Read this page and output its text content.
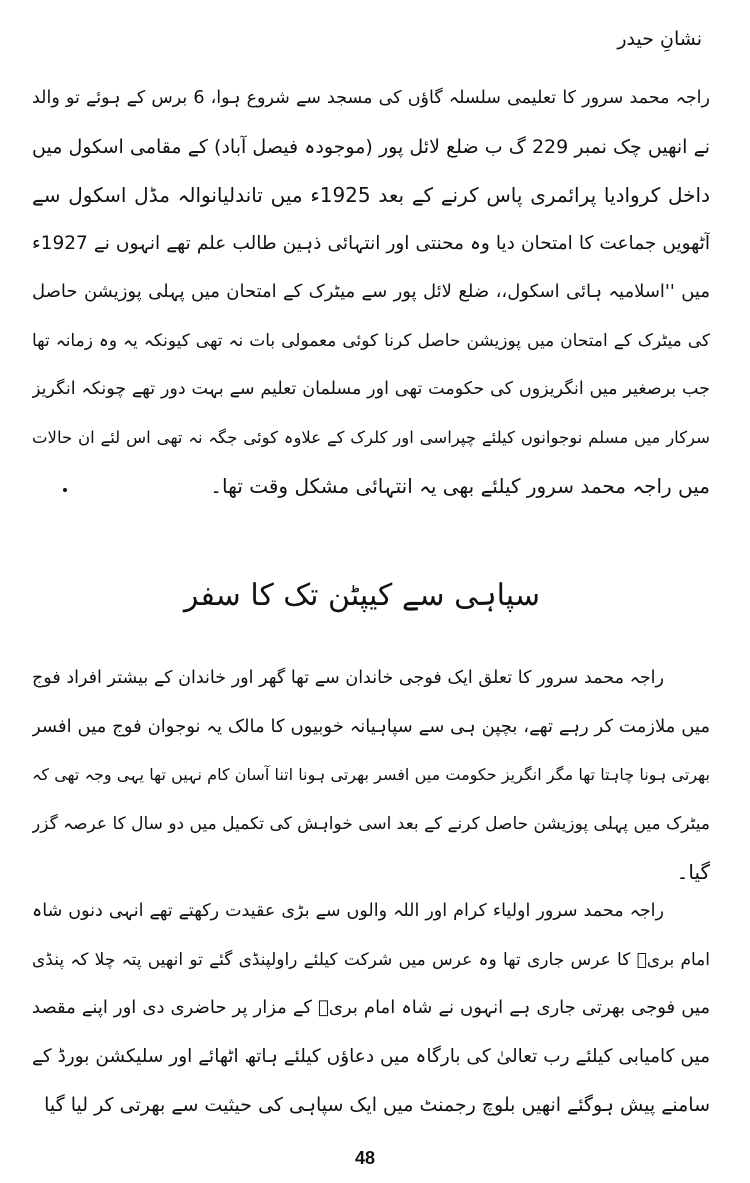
نشانِ حیدر
راجہ محمد سرور کا تعلیمی سلسلہ گاؤں کی مسجد سے شروع ہوا، 6 برس کے ہوئے تو والد
نے انھیں چک نمبر 229 گ ب ضلع لائل پور (موجودہ فیصل آباد) کے مقامی اسکول میں
داخل کروادیا پرائمری پاس کرنے کے بعد 1925ء میں تاندلیانوالہ مڈل اسکول سے
آٹھویں جماعت کا امتحان دیا وہ محنتی اور انتہائی ذہین طالب علم تھے انہوں نے 1927ء
میں ''اسلامیہ ہائی اسکول،، ضلع لائل پور سے میٹرک کے امتحان میں پہلی پوزیشن حاصل
کی میٹرک کے امتحان میں پوزیشن حاصل کرنا کوئی معمولی بات نہ تھی کیونکہ یہ وہ زمانہ تھا
جب برصغیر میں انگریزوں کی حکومت تھی اور مسلمان تعلیم سے بہت دور تھے چونکہ انگریز
سرکار میں مسلم نوجوانوں کیلئے چپراسی اور کلرک کے علاوہ کوئی جگہ نہ تھی اس لئے ان حالات
میں راجہ محمد سرور کیلئے بھی یہ انتہائی مشکل وقت تھا۔
سپاہی سے کیپٹن تک کا سفر
راجہ محمد سرور کا تعلق ایک فوجی خاندان سے تھا گھر اور خاندان کے بیشتر افراد فوج
میں ملازمت کر رہے تھے، بچپن ہی سے سپاہیانہ خوبیوں کا مالک یہ نوجوان فوج میں افسر
بھرتی ہونا چاہتا تھا مگر انگریز حکومت میں افسر بھرتی ہونا اتنا آسان کام نہیں تھا یہی وجہ تھی کہ
میٹرک میں پہلی پوزیشن حاصل کرنے کے بعد اسی خواہش کی تکمیل میں دو سال کا عرصہ گزر
گیا۔
راجہ محمد سرور اولیاء کرام اور اللہ والوں سے بڑی عقیدت رکھتے تھے انہی دنوں شاہ
امام بریؒ کا عرس جاری تھا وہ عرس میں شرکت کیلئے راولپنڈی گئے تو انھیں پتہ چلا کہ پنڈی
میں فوجی بھرتی جاری ہے انہوں نے شاہ امام بریؒ کے مزار پر حاضری دی اور اپنے مقصد
میں کامیابی کیلئے رب تعالیٰ کی بارگاہ میں دعاؤں کیلئے ہاتھ اٹھائے اور سلیکشن بورڈ کے
سامنے پیش ہوگئے انھیں بلوچ رجمنٹ میں ایک سپاہی کی حیثیت سے بھرتی کر لیا گیا
48
